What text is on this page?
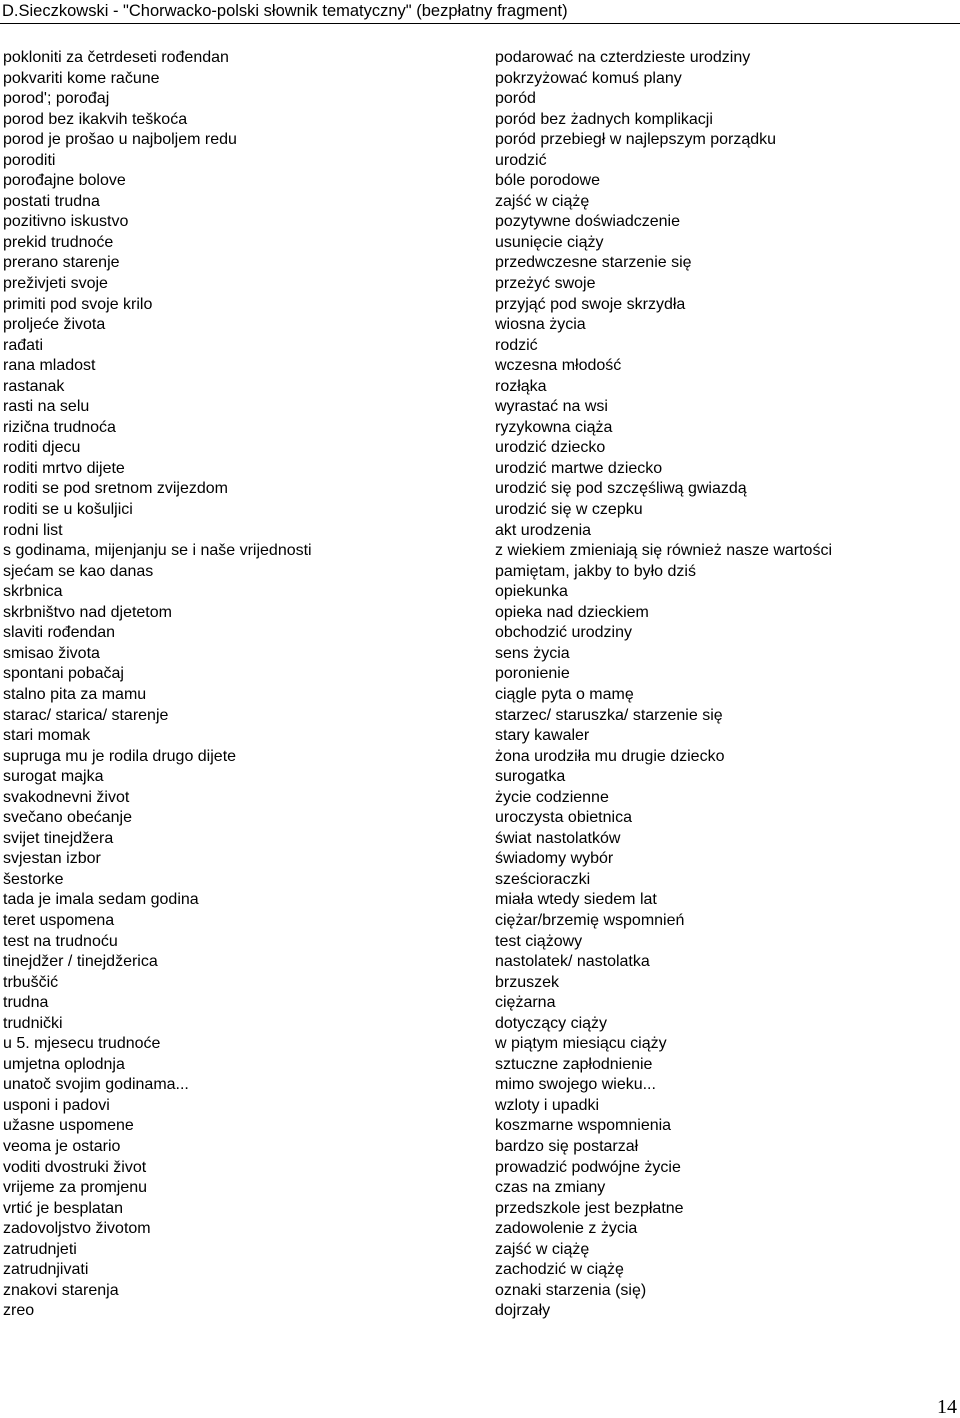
D.Sieczkowski - "Chorwacko-polski słownik tematyczny" (bezpłatny fragment)
pokloniti za četrdeseti rođendan
pokvariti kome račune
porod'; porođaj
porod bez ikakvih teškoća
porod je prošao u najboljem redu
poroditi
porođajne bolove
postati trudna
pozitivno iskustvo
prekid trudnoće
prerano starenje
preživjeti svoje
primiti pod svoje krilo
proljeće života
rađati
rana mladost
rastanak
rasti na selu
rizična trudnoća
roditi djecu
roditi mrtvo dijete
roditi se pod sretnom zvijezdom
roditi se u košuljici
rodni list
s godinama, mijenjanju se i naše vrijednosti
sjećam se kao danas
skrbnica
skrbništvo nad djetetom
slaviti rođendan
smisao života
spontani pobačaj
stalno pita za mamu
starac/ starica/ starenje
stari momak
supruga mu je rodila drugo dijete
surogat majka
svakodnevni život
svečano obećanje
svijet tinejdžera
svjestan izbor
šestorke
tada je imala sedam godina
teret uspomena
test na trudnoću
tinejdžer / tinejdžerica
trbuščić
trudna
trudnički
u 5. mjesecu trudnoće
umjetna oplodnja
unatoč svojim godinama...
usponi i padovi
užasne uspomene
veoma je ostario
voditi dvostruki život
vrijeme za promjenu
vrtić je besplatan
zadovoljstvo životom
zatrudnjeti
zatrudnjivati
znakovi starenja
zreo
podarować na czterdzieste urodziny
pokrzyżować komuś plany
poród
poród bez żadnych komplikacji
poród przebiegł w najlepszym porządku
urodzić
bóle porodowe
zajść w ciążę
pozytywne doświadczenie
usunięcie ciąży
przedwczesne starzenie się
przeżyć swoje
przyjąć pod swoje skrzydła
wiosna życia
rodzić
wczesna młodość
rozłąka
wyrastać na wsi
ryzykowna ciąża
urodzić dziecko
urodzić martwe dziecko
urodzić się pod szczęśliwą gwiazdą
urodzić się w czepku
akt urodzenia
z wiekiem zmieniają się również nasze wartości
pamiętam, jakby to było dziś
opiekunka
opieka nad dzieckiem
obchodzić urodziny
sens życia
poronienie
ciągle pyta o mamę
starzec/ staruszka/ starzenie się
stary kawaler
żona urodziła mu drugie dziecko
surogatka
życie codzienne
uroczysta obietnica
świat nastolatków
świadomy wybór
sześcioraczki
miała wtedy siedem lat
ciężar/brzemię wspomnień
test ciążowy
nastolatek/ nastolatka
brzuszek
ciężarna
dotyczący ciąży
w piątym miesiącu ciąży
sztuczne zapłodnienie
mimo swojego wieku...
wzloty i upadki
koszmarne wspomnienia
bardzo się postarzał
prowadzić podwójne życie
czas na zmiany
przedszkole jest bezpłatne
zadowolenie z życia
zajść w ciążę
zachodzić w ciążę
oznaki starzenia (się)
dojrzały
14
